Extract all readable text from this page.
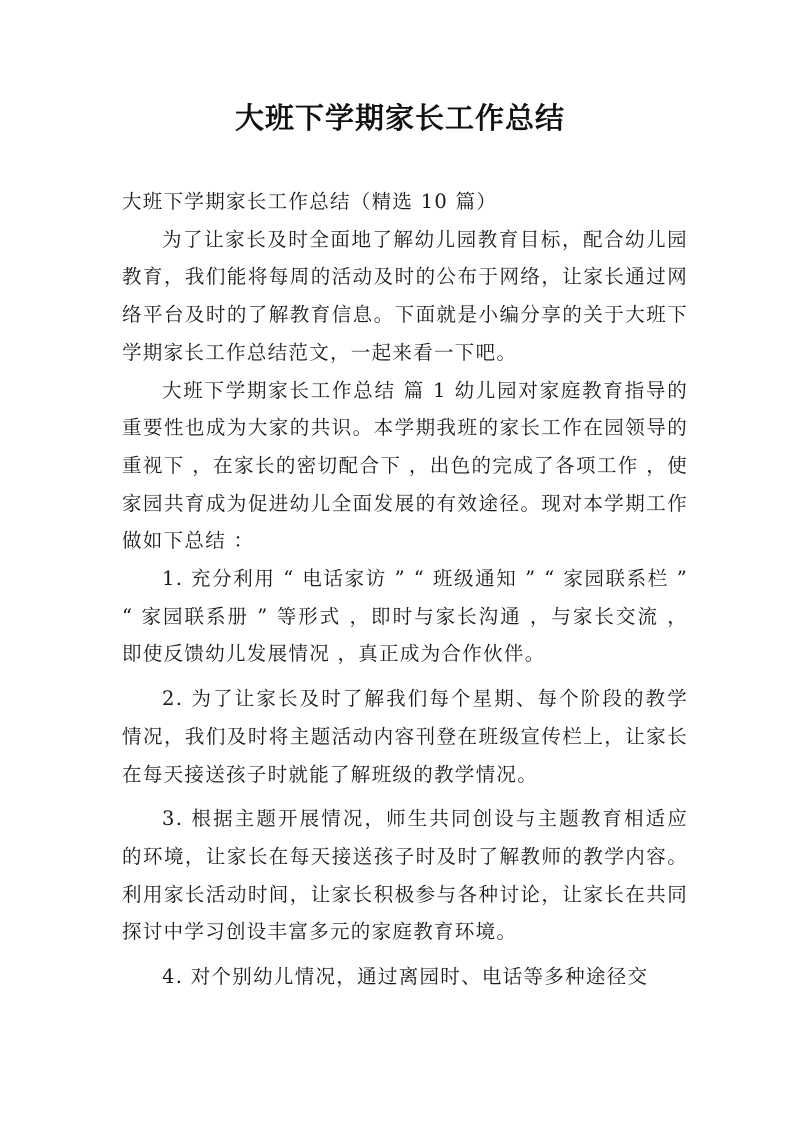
大班下学期家长工作总结

大班下学期家长工作总结（精选 10 篇）

为了让家长及时全面地了解幼儿园教育目标，配合幼儿园教育，我们能将每周的活动及时的公布于网络，让家长通过网络平台及时的了解教育信息。下面就是小编分享的关于大班下学期家长工作总结范文，一起来看一下吧。

大班下学期家长工作总结 篇 1 幼儿园对家庭教育指导的重要性也成为大家的共识。本学期我班的家长工作在园领导的重视下 ，在家长的密切配合下 ，出色的完成了各项工作 ，使家园共育成为促进幼儿全面发展的有效途径。现对本学期工作做如下总结 ：

1. 充分利用 “ 电话家访 ” “ 班级通知 ” “ 家园联系栏 ” “ 家园联系册 ” 等形式 ，即时与家长沟通 ，与家长交流 ，即使反馈幼儿发展情况 ，真正成为合作伙伴。

2. 为了让家长及时了解我们每个星期、每个阶段的教学情况，我们及时将主题活动内容刊登在班级宣传栏上，让家长在每天接送孩子时就能了解班级的教学情况。

3. 根据主题开展情况，师生共同创设与主题教育相适应的环境，让家长在每天接送孩子时及时了解教师的教学内容。利用家长活动时间，让家长积极参与各种讨论，让家长在共同探讨中学习创设丰富多元的家庭教育环境。

4. 对个别幼儿情况，通过离园时、电话等多种途径交
